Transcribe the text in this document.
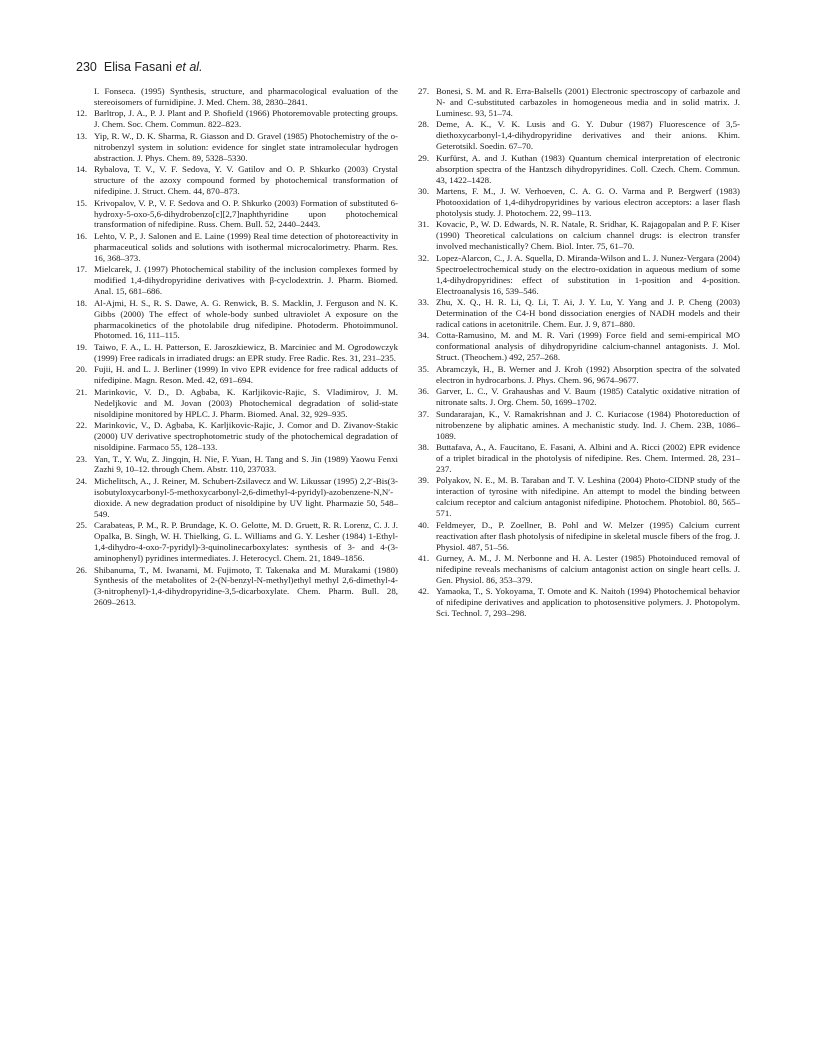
230 Elisa Fasani et al.
I. Fonseca. (1995) Synthesis, structure, and pharmacological evaluation of the stereoisomers of furnidipine. J. Med. Chem. 38, 2830–2841.
12. Barltrop, J. A., P. J. Plant and P. Shofield (1966) Photoremovable protecting groups. J. Chem. Soc. Chem. Commun. 822–823.
13. Yip, R. W., D. K. Sharma, R. Giasson and D. Gravel (1985) Photochemistry of the o-nitrobenzyl system in solution: evidence for singlet state intramolecular hydrogen abstraction. J. Phys. Chem. 89, 5328–5330.
14. Rybalova, T. V., V. F. Sedova, Y. V. Gatilov and O. P. Shkurko (2003) Crystal structure of the azoxy compound formed by photochemical transformation of nifedipine. J. Struct. Chem. 44, 870–873.
15. Krivopalov, V. P., V. F. Sedova and O. P. Shkurko (2003) Formation of substituted 6-hydroxy-5-oxo-5,6-dihydrobenzo[c][2,7]naphthyridine upon photochemical transformation of nifedipine. Russ. Chem. Bull. 52, 2440–2443.
16. Lehto, V. P., J. Salonen and E. Laine (1999) Real time detection of photoreactivity in pharmaceutical solids and solutions with isothermal microcalorimetry. Pharm. Res. 16, 368–373.
17. Mielcarek, J. (1997) Photochemical stability of the inclusion complexes formed by modified 1,4-dihydropyridine derivatives with β-cyclodextrin. J. Pharm. Biomed. Anal. 15, 681–686.
18. Al-Ajmi, H. S., R. S. Dawe, A. G. Renwick, B. S. Macklin, J. Ferguson and N. K. Gibbs (2000) The effect of whole-body sunbed ultraviolet A exposure on the pharmacokinetics of the photolabile drug nifedipine. Photoderm. Photoimmunol. Photomed. 16, 111–115.
19. Taiwo, F. A., L. H. Patterson, E. Jaroszkiewicz, B. Marciniec and M. Ogrodowczyk (1999) Free radicals in irradiated drugs: an EPR study. Free Radic. Res. 31, 231–235.
20. Fujii, H. and L. J. Berliner (1999) In vivo EPR evidence for free radical adducts of nifedipine. Magn. Reson. Med. 42, 691–694.
21. Marinkovic, V. D., D. Agbaba, K. Karljikovic-Rajic, S. Vladimirov, J. M. Nedeljkovic and M. Jovan (2003) Photochemical degradation of solid-state nisoldipine monitored by HPLC. J. Pharm. Biomed. Anal. 32, 929–935.
22. Marinkovic, V., D. Agbaba, K. Karljikovic-Rajic, J. Comor and D. Zivanov-Stakic (2000) UV derivative spectrophotometric study of the photochemical degradation of nisoldipine. Farmaco 55, 128–133.
23. Yan, T., Y. Wu, Z. Jingqin, H. Nie, F. Yuan, H. Tang and S. Jin (1989) Yaowu Fenxi Zazhi 9, 10–12. through Chem. Abstr. 110, 237033.
24. Michelitsch, A., J. Reiner, M. Schubert-Zsilavecz and W. Likussar (1995) 2,2′-Bis(3-isobutyloxycarbonyl-5-methoxycarbonyl-2,6-dimethyl-4-pyridyl)-azobenzene-N,N′-dioxide. A new degradation product of nisoldipine by UV light. Pharmazie 50, 548–549.
25. Carabateas, P. M., R. P. Brundage, K. O. Gelotte, M. D. Gruett, R. R. Lorenz, C. J. J. Opalka, B. Singh, W. H. Thielking, G. L. Williams and G. Y. Lesher (1984) 1-Ethyl-1,4-dihydro-4-oxo-7-pyridyl)-3-quinolinecarboxylates: synthesis of 3- and 4-(3-aminophenyl) pyridines intermediates. J. Heterocycl. Chem. 21, 1849–1856.
26. Shibanuma, T., M. Iwanami, M. Fujimoto, T. Takenaka and M. Murakami (1980) Synthesis of the metabolites of 2-(N-benzyl-N-methyl)ethyl methyl 2,6-dimethyl-4-(3-nitrophenyl)-1,4-dihydropyridine-3,5-dicarboxylate. Chem. Pharm. Bull. 28, 2609–2613.
27. Bonesi, S. M. and R. Erra-Balsells (2001) Electronic spectroscopy of carbazole and N- and C-substituted carbazoles in homogeneous media and in solid matrix. J. Luminesc. 93, 51–74.
28. Deme, A. K., V. K. Lusis and G. Y. Dubur (1987) Fluorescence of 3,5-diethoxycarbonyl-1,4-dihydropyridine derivatives and their anions. Khim. Geterotsikl. Soedin. 67–70.
29. Kurfürst, A. and J. Kuthan (1983) Quantum chemical interpretation of electronic absorption spectra of the Hantzsch dihydropyridines. Coll. Czech. Chem. Commun. 43, 1422–1428.
30. Martens, F. M., J. W. Verhoeven, C. A. G. O. Varma and P. Bergwerf (1983) Photooxidation of 1,4-dihydropyridines by various electron acceptors: a laser flash photolysis study. J. Photochem. 22, 99–113.
31. Kovacic, P., W. D. Edwards, N. R. Natale, R. Sridhar, K. Rajagopalan and P. F. Kiser (1990) Theoretical calculations on calcium channel drugs: is electron transfer involved mechanistically? Chem. Biol. Inter. 75, 61–70.
32. Lopez-Alarcon, C., J. A. Squella, D. Miranda-Wilson and L. J. Nunez-Vergara (2004) Spectroelectrochemical study on the electro-oxidation in aqueous medium of some 1,4-dihydropyridines: effect of substitution in 1-position and 4-position. Electroanalysis 16, 539–546.
33. Zhu, X. Q., H. R. Li, Q. Li, T. Ai, J. Y. Lu, Y. Yang and J. P. Cheng (2003) Determination of the C4-H bond dissociation energies of NADH models and their radical cations in acetonitrile. Chem. Eur. J. 9, 871–880.
34. Cotta-Ramusino, M. and M. R. Varì (1999) Force field and semi-empirical MO conformational analysis of dihydropyridine calcium-channel antagonists. J. Mol. Struct. (Theochem.) 492, 257–268.
35. Abramczyk, H., B. Werner and J. Kroh (1992) Absorption spectra of the solvated electron in hydrocarbons. J. Phys. Chem. 96, 9674–9677.
36. Garver, L. C., V. Grahaushas and V. Baum (1985) Catalytic oxidative nitration of nitronate salts. J. Org. Chem. 50, 1699–1702.
37. Sundararajan, K., V. Ramakrishnan and J. C. Kuriacose (1984) Photoreduction of nitrobenzene by aliphatic amines. A mechanistic study. Ind. J. Chem. 23B, 1086–1089.
38. Buttafava, A., A. Faucitano, E. Fasani, A. Albini and A. Ricci (2002) EPR evidence of a triplet biradical in the photolysis of nifedipine. Res. Chem. Intermed. 28, 231–237.
39. Polyakov, N. E., M. B. Taraban and T. V. Leshina (2004) Photo-CIDNP study of the interaction of tyrosine with nifedipine. An attempt to model the binding between calcium receptor and calcium antagonist nifedipine. Photochem. Photobiol. 80, 565–571.
40. Feldmeyer, D., P. Zoellner, B. Pohl and W. Melzer (1995) Calcium current reactivation after flash photolysis of nifedipine in skeletal muscle fibers of the frog. J. Physiol. 487, 51–56.
41. Gurney, A. M., J. M. Nerbonne and H. A. Lester (1985) Photoinduced removal of nifedipine reveals mechanisms of calcium antagonist action on single heart cells. J. Gen. Physiol. 86, 353–379.
42. Yamaoka, T., S. Yokoyama, T. Omote and K. Naitoh (1994) Photochemical behavior of nifedipine derivatives and application to photosensitive polymers. J. Photopolym. Sci. Technol. 7, 293–298.
